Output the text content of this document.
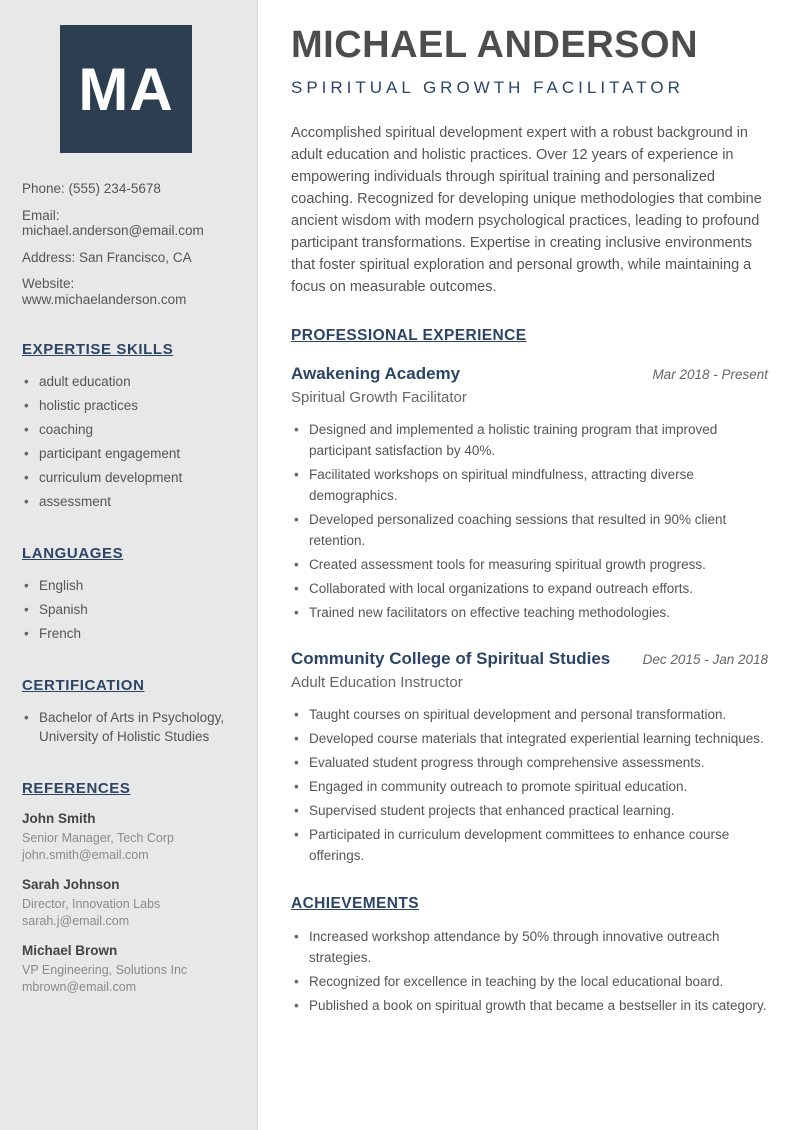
MA
Phone: (555) 234-5678
Email: michael.anderson@email.com
Address: San Francisco, CA
Website: www.michaelanderson.com
EXPERTISE SKILLS
• adult education
• holistic practices
• coaching
• participant engagement
• curriculum development
• assessment
LANGUAGES
• English
• Spanish
• French
CERTIFICATION
• Bachelor of Arts in Psychology, University of Holistic Studies
REFERENCES
John Smith
Senior Manager, Tech Corp
john.smith@email.com
Sarah Johnson
Director, Innovation Labs
sarah.j@email.com
Michael Brown
VP Engineering, Solutions Inc
mbrown@email.com
MICHAEL ANDERSON
SPIRITUAL GROWTH FACILITATOR

Accomplished spiritual development expert with a robust background in adult education and holistic practices. Over 12 years of experience in empowering individuals through spiritual training and personalized coaching. Recognized for developing unique methodologies that combine ancient wisdom with modern psychological practices, leading to profound participant transformations. Expertise in creating inclusive environments that foster spiritual exploration and personal growth, while maintaining a focus on measurable outcomes.

PROFESSIONAL EXPERIENCE
Awakening Academy	Mar 2018 - Present
Spiritual Growth Facilitator
• Designed and implemented a holistic training program that improved participant satisfaction by 40%.
• Facilitated workshops on spiritual mindfulness, attracting diverse demographics.
• Developed personalized coaching sessions that resulted in 90% client retention.
• Created assessment tools for measuring spiritual growth progress.
• Collaborated with local organizations to expand outreach efforts.
• Trained new facilitators on effective teaching methodologies.
Community College of Spiritual Studies Dec 2015 - Jan 2018
Adult Education Instructor
• Taught courses on spiritual development and personal transformation.
• Developed course materials that integrated experiential learning techniques.
• Evaluated student progress through comprehensive assessments.
• Engaged in community outreach to promote spiritual education.
• Supervised student projects that enhanced practical learning.
• Participated in curriculum development committees to enhance course offerings.
ACHIEVEMENTS
• Increased workshop attendance by 50% through innovative outreach strategies.
• Recognized for excellence in teaching by the local educational board.
• Published a book on spiritual growth that became a bestseller in its category.
